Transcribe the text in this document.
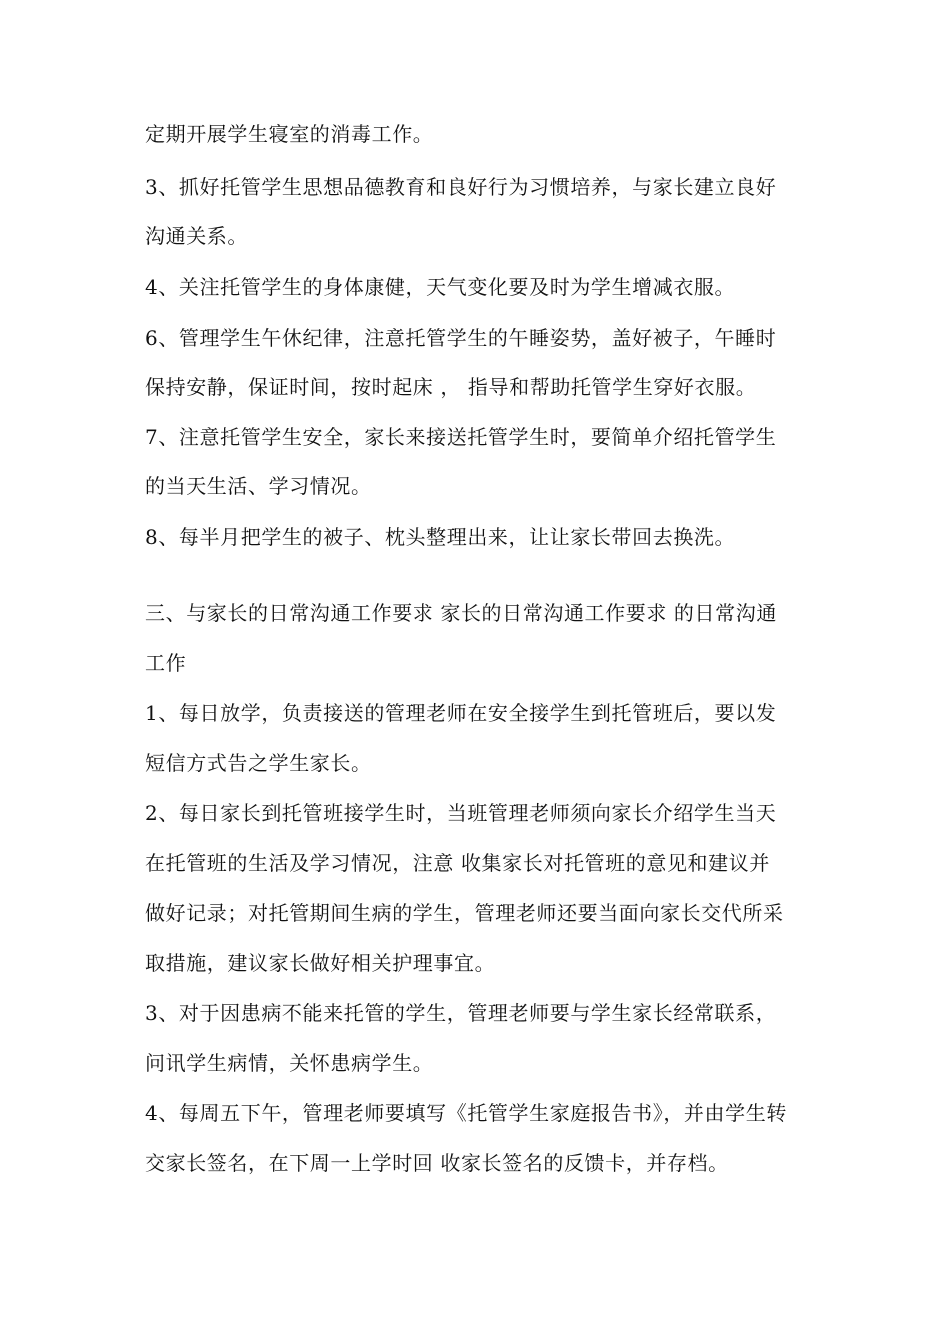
定期开展学生寝室的消毒工作。
3、抓好托管学生思想品德教育和良好行为习惯培养，与家长建立良好
沟通关系。
4、关注托管学生的身体康健，天气变化要及时为学生增减衣服。
6、管理学生午休纪律，注意托管学生的午睡姿势，盖好被子，午睡时
保持安静，保证时间，按时起床 ， 指导和帮助托管学生穿好衣服。
7、注意托管学生安全，家长来接送托管学生时，要简单介绍托管学生
的当天生活、学习情况。
8、每半月把学生的被子、枕头整理出来，让让家长带回去换洗。
三、与家长的日常沟通工作要求 家长的日常沟通工作要求 的日常沟通
工作
1、每日放学，负责接送的管理老师在安全接学生到托管班后，要以发
短信方式告之学生家长。
2、每日家长到托管班接学生时，当班管理老师须向家长介绍学生当天
在托管班的生活及学习情况，注意 收集家长对托管班的意见和建议并
做好记录；对托管期间生病的学生，管理老师还要当面向家长交代所采
取措施，建议家长做好相关护理事宜。
3、对于因患病不能来托管的学生，管理老师要与学生家长经常联系，
问讯学生病情，关怀患病学生。
4、每周五下午，管理老师要填写《托管学生家庭报告书》，并由学生转
交家长签名，在下周一上学时回 收家长签名的反馈卡，并存档。
